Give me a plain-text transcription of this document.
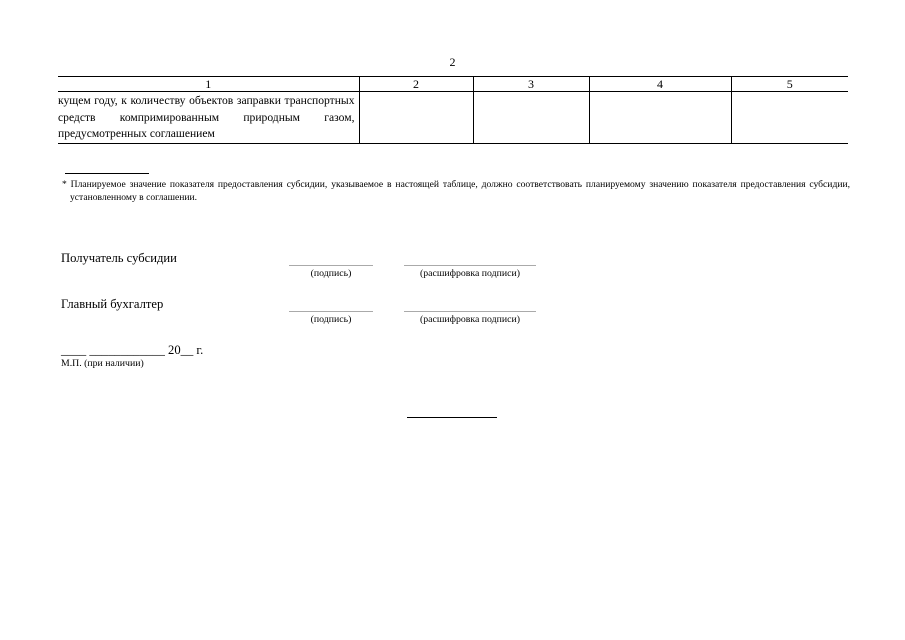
2
1	2	3	4	5

кущем году, к количеству объектов заправки транспортных средств компримированным природным газом, предусмотренных соглашением				

* Планируемое значение показателя предоставления субсидии, указываемое в настоящей таблице, должно соответствовать планируемому значению показателя предоставления субсидии, установленному в соглашении.
Получатель субсидии
(подпись)	(расшифровка подписи)
Главный бухгалтер
(подпись)	(расшифровка подписи)
____ ____________ 20__ г.
М.П. (при наличии)
